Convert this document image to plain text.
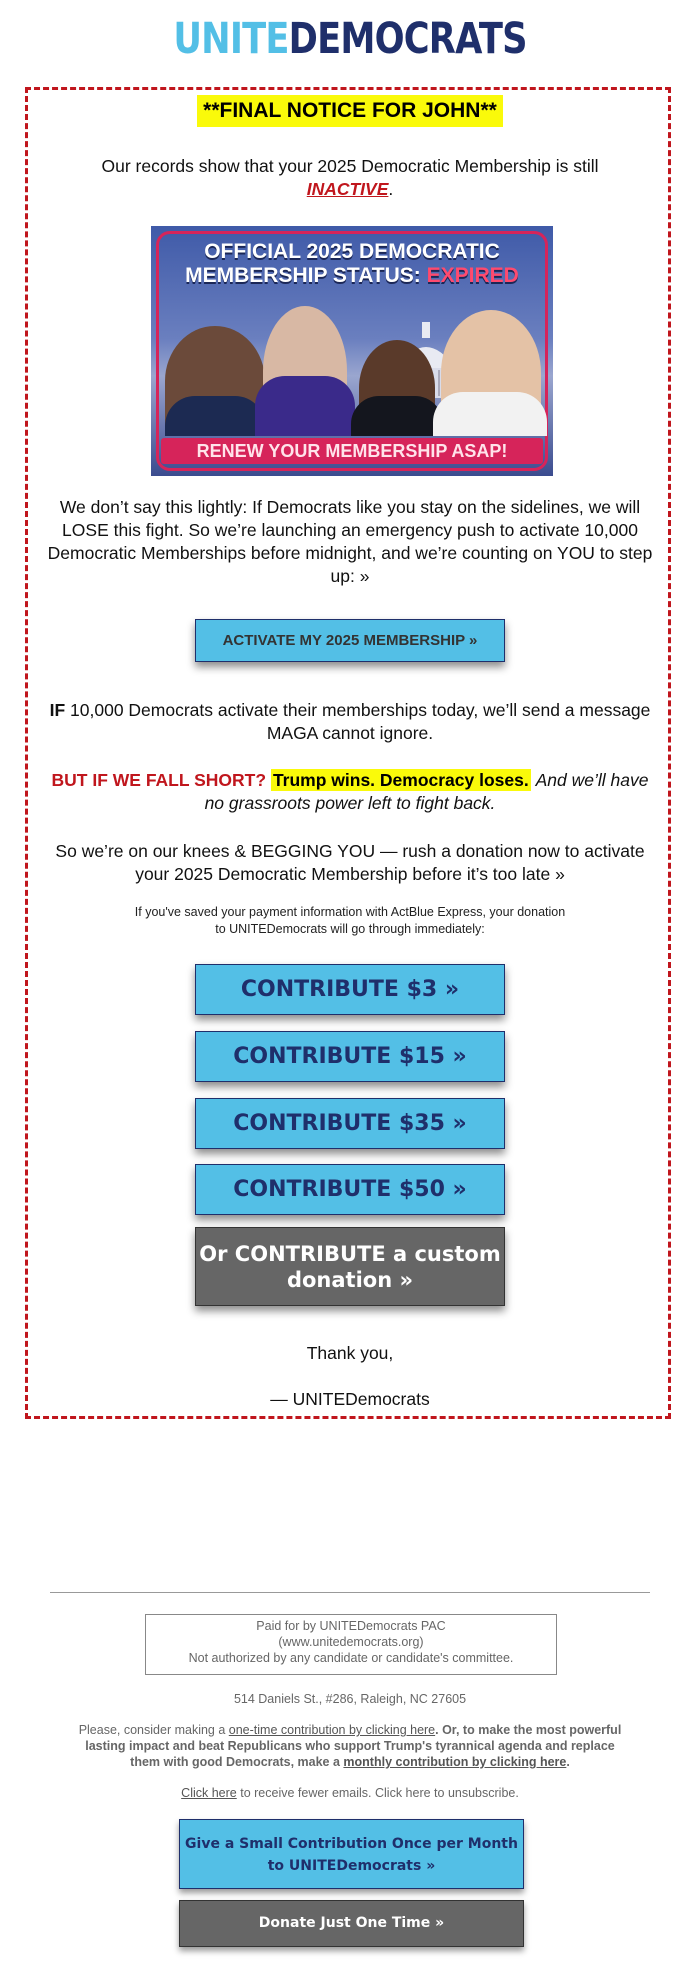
UNITEDEMOCRATS
**FINAL NOTICE FOR JOHN**
Our records show that your 2025 Democratic Membership is still
INACTIVE.
OFFICIAL 2025 DEMOCRATIC
MEMBERSHIP STATUS: EXPIRED
RENEW YOUR MEMBERSHIP ASAP!
We don’t say this lightly: If Democrats like you stay on the sidelines, we will LOSE this fight. So we’re launching an emergency push to activate 10,000 Democratic Memberships before midnight, and we’re counting on YOU to step up: »
ACTIVATE MY 2025 MEMBERSHIP »
IF 10,000 Democrats activate their memberships today, we’ll send a message MAGA cannot ignore.
BUT IF WE FALL SHORT? Trump wins. Democracy loses. And we’ll have no grassroots power left to fight back.
So we’re on our knees & BEGGING YOU — rush a donation now to activate your 2025 Democratic Membership before it’s too late »
If you've saved your payment information with ActBlue Express, your donation
to UNITEDemocrats will go through immediately:
CONTRIBUTE $3 »
CONTRIBUTE $15 »
CONTRIBUTE $35 »
CONTRIBUTE $50 »
Or CONTRIBUTE a custom
donation »
Thank you,
— UNITEDemocrats
Paid for by UNITEDemocrats PAC
(www.unitedemocrats.org)
Not authorized by any candidate or candidate's committee.
514 Daniels St., #286, Raleigh, NC 27605
Please, consider making a one-time contribution by clicking here. Or, to make the most powerful lasting impact and beat Republicans who support Trump's tyrannical agenda and replace them with good Democrats, make a monthly contribution by clicking here.
Click here to receive fewer emails. Click here to unsubscribe.
Give a Small Contribution Once per Month to UNITEDemocrats »
Donate Just One Time »
